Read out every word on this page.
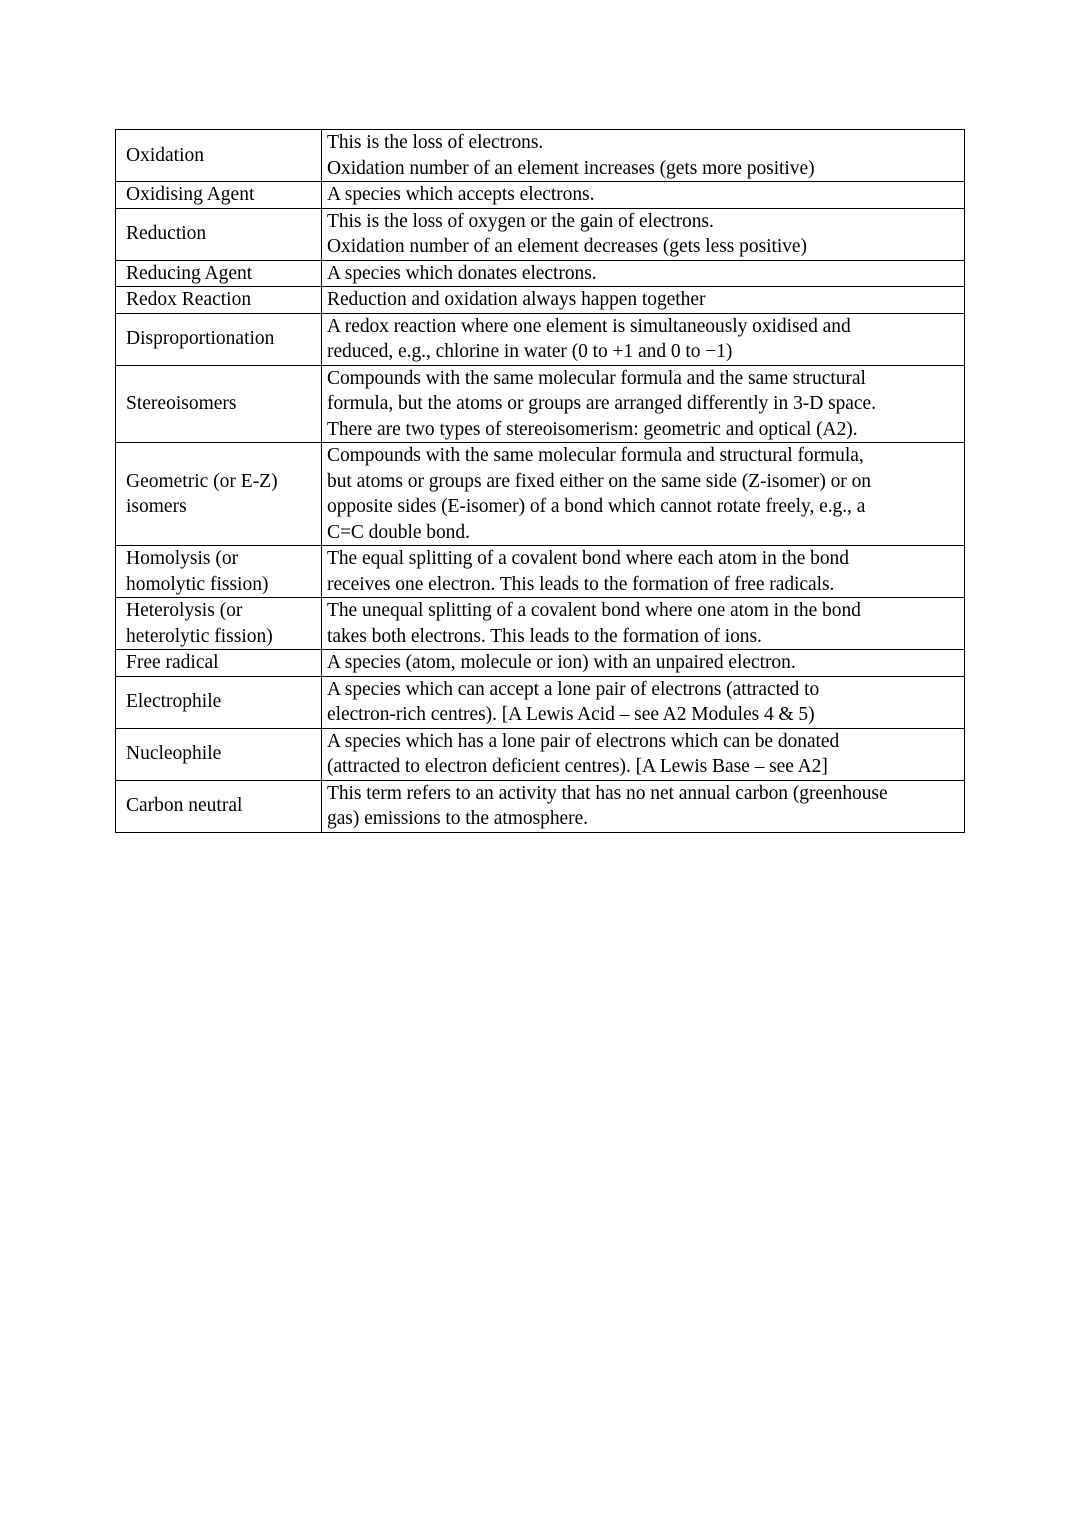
Oxidation	This is the loss of electrons.
Oxidation number of an element increases (gets more positive)

Oxidising Agent	A species which accepts electrons.

Reduction	This is the loss of oxygen or the gain of electrons.
Oxidation number of an element decreases (gets less positive)

Reducing Agent	A species which donates electrons.

Redox Reaction	Reduction and oxidation always happen together

Disproportionation	A redox reaction where one element is simultaneously oxidised and
reduced, e.g., chlorine in water (0 to +1 and 0 to −1)

Stereoisomers	Compounds with the same molecular formula and the same structural
formula, but the atoms or groups are arranged differently in 3-D space.
There are two types of stereoisomerism: geometric and optical (A2).

Geometric (or E-Z)
isomers	Compounds with the same molecular formula and structural formula,
but atoms or groups are fixed either on the same side (Z-isomer) or on
opposite sides (E-isomer) of a bond which cannot rotate freely, e.g., a
C=C double bond.

Homolysis (or
homolytic fission)	The equal splitting of a covalent bond where each atom in the bond
receives one electron. This leads to the formation of free radicals.

Heterolysis (or
heterolytic fission)	The unequal splitting of a covalent bond where one atom in the bond
takes both electrons. This leads to the formation of ions.

Free radical	A species (atom, molecule or ion) with an unpaired electron.

Electrophile	A species which can accept a lone pair of electrons (attracted to
electron-rich centres). [A Lewis Acid – see A2 Modules 4 & 5)

Nucleophile	A species which has a lone pair of electrons which can be donated
(attracted to electron deficient centres). [A Lewis Base – see A2]

Carbon neutral	This term refers to an activity that has no net annual carbon (greenhouse
gas) emissions to the atmosphere.
